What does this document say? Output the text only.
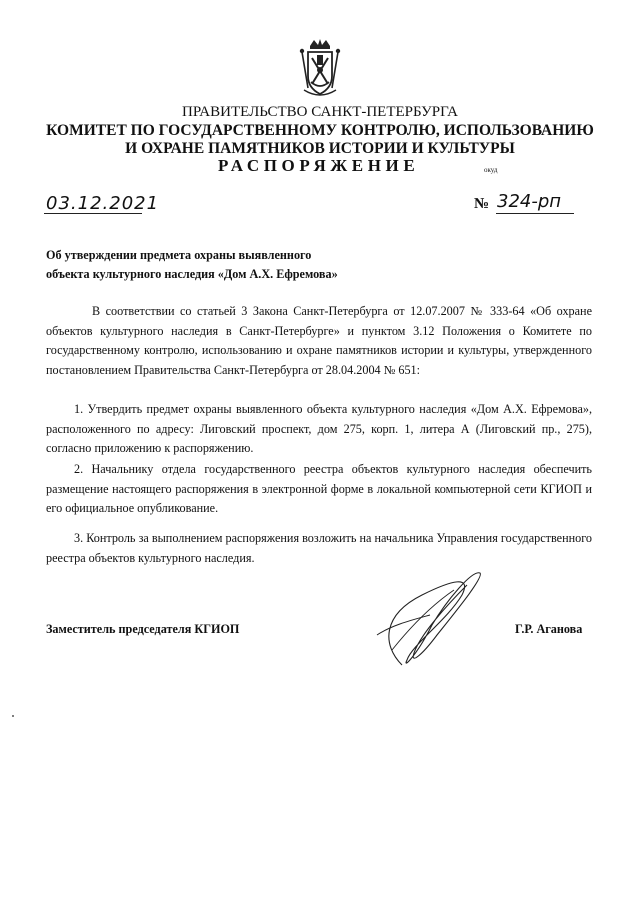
ПРАВИТЕЛЬСТВО САНКТ-ПЕТЕРБУРГА
КОМИТЕТ ПО ГОСУДАРСТВЕННОМУ КОНТРОЛЮ, ИСПОЛЬЗОВАНИЮ
И ОХРАНЕ ПАМЯТНИКОВ ИСТОРИИ И КУЛЬТУРЫ
РАСПОРЯЖЕНИЕ	окуд
03.12.2021	№ 324-рп
Об утверждении предмета охраны выявленного
объекта культурного наследия «Дом А.Х. Ефремова»
В соответствии со статьей 3 Закона Санкт-Петербурга от 12.07.2007 № 333-64 «Об охране объектов культурного наследия в Санкт-Петербурге» и пунктом 3.12 Положения о Комитете по государственному контролю, использованию и охране памятников истории и культуры, утвержденного постановлением Правительства Санкт-Петербурга от 28.04.2004 № 651:
1. Утвердить предмет охраны выявленного объекта культурного наследия «Дом А.Х. Ефремова», расположенного по адресу: Лиговский проспект, дом 275, корп. 1, литера А (Лиговский пр., 275), согласно приложению к распоряжению.
2. Начальнику отдела государственного реестра объектов культурного наследия обеспечить размещение настоящего распоряжения в электронной форме в локальной компьютерной сети КГИОП и его официальное опубликование.
3. Контроль за выполнением распоряжения возложить на начальника Управления государственного реестра объектов культурного наследия.
Заместитель председателя КГИОП	Г.Р. Аганова
